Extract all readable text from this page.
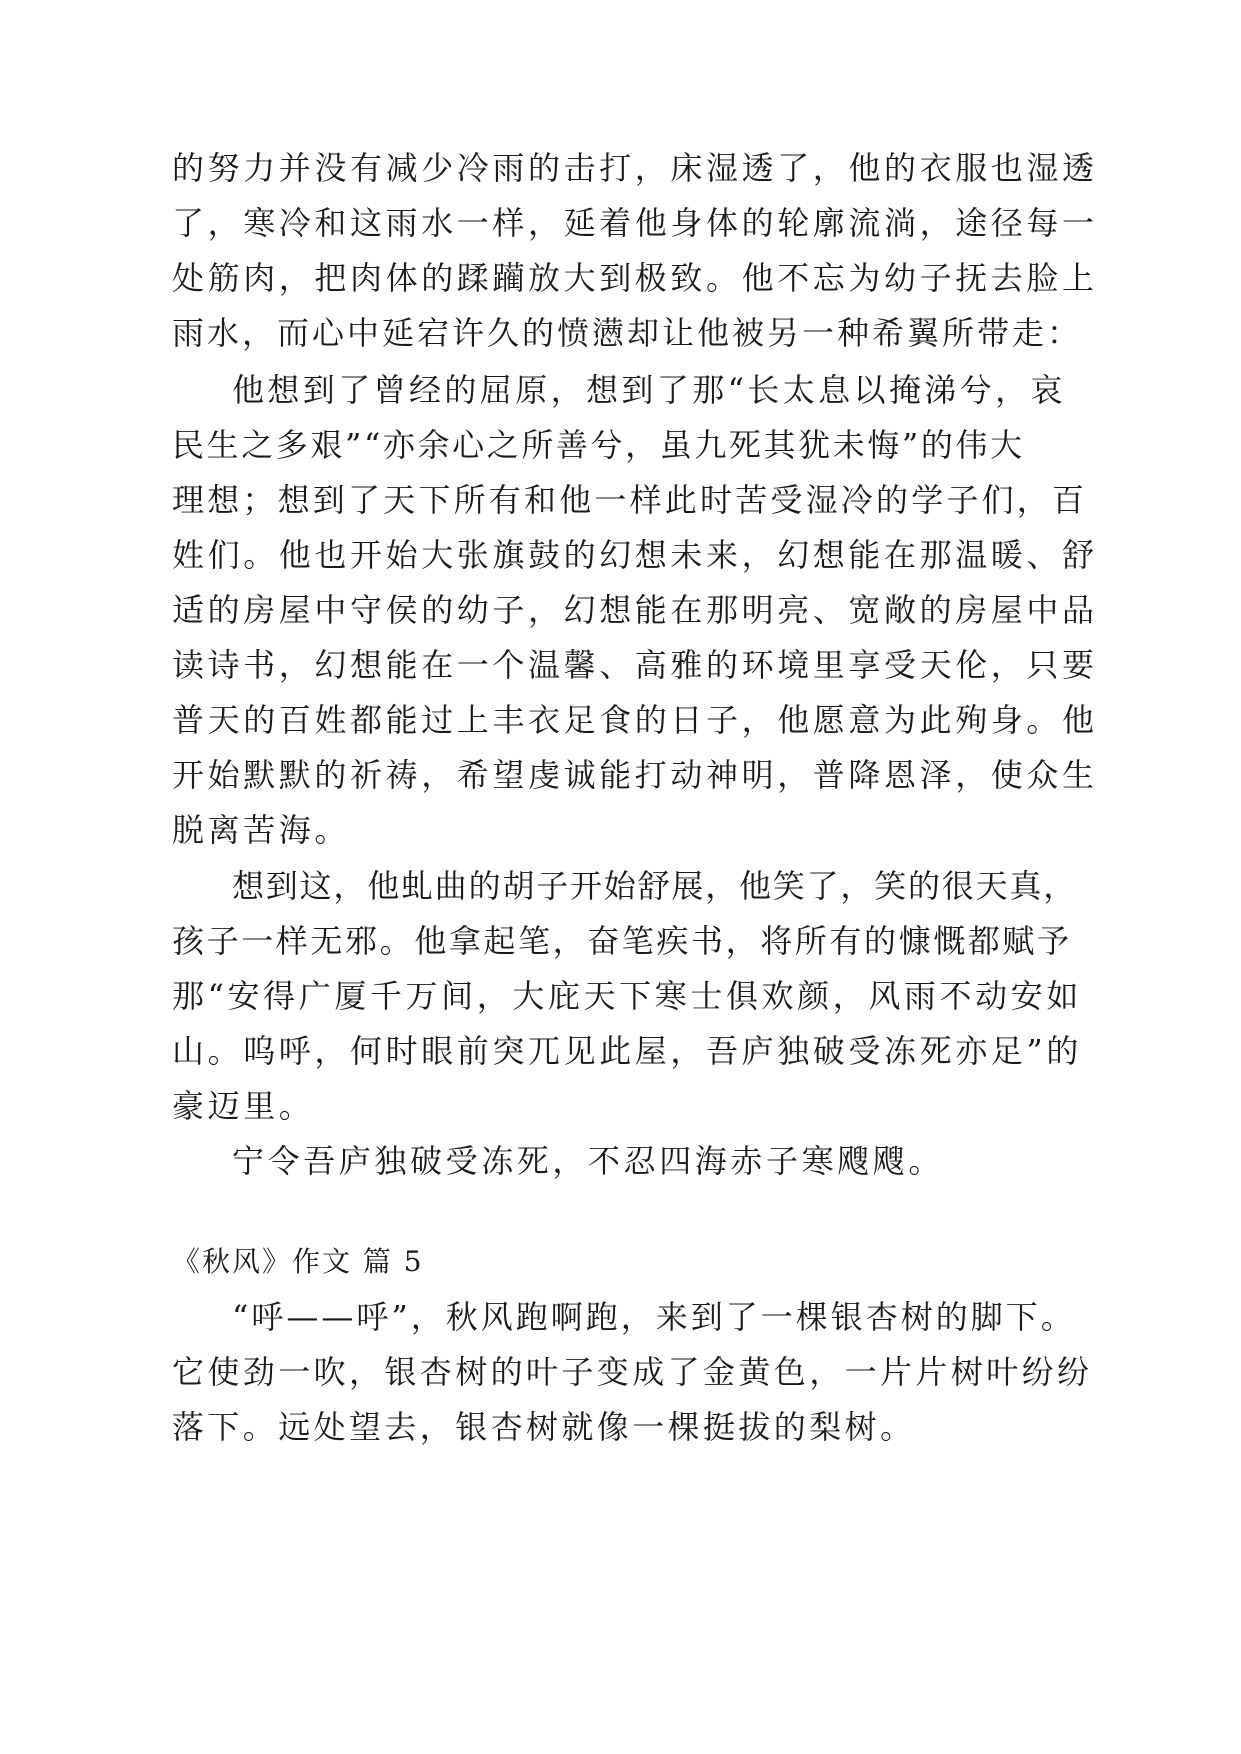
的努力并没有减少冷雨的击打，床湿透了，他的衣服也湿透
了，寒冷和这雨水一样，延着他身体的轮廓流淌，途径每一
处筋肉，把肉体的蹂躏放大到极致。他不忘为幼子抚去脸上
雨水，而心中延宕许久的愤懑却让他被另一种希翼所带走：
他想到了曾经的屈原，想到了那“长太息以掩涕兮，哀
民生之多艰”“亦余心之所善兮，虽九死其犹未悔”的伟大
理想；想到了天下所有和他一样此时苦受湿冷的学子们，百
姓们。他也开始大张旗鼓的幻想未来，幻想能在那温暖、舒
适的房屋中守侯的幼子，幻想能在那明亮、宽敞的房屋中品
读诗书，幻想能在一个温馨、高雅的环境里享受天伦，只要
普天的百姓都能过上丰衣足食的日子，他愿意为此殉身。他
开始默默的祈祷，希望虔诚能打动神明，普降恩泽，使众生
脱离苦海。
想到这，他虬曲的胡子开始舒展，他笑了，笑的很天真，
孩子一样无邪。他拿起笔，奋笔疾书，将所有的慷慨都赋予
那“安得广厦千万间，大庇天下寒士俱欢颜，风雨不动安如
山。呜呼，何时眼前突兀见此屋，吾庐独破受冻死亦足”的
豪迈里。
宁令吾庐独破受冻死，不忍四海赤子寒飕飕。
《秋风》作文 篇 5
“呼——呼”，秋风跑啊跑，来到了一棵银杏树的脚下。
它使劲一吹，银杏树的叶子变成了金黄色，一片片树叶纷纷
落下。远处望去，银杏树就像一棵挺拔的梨树。
